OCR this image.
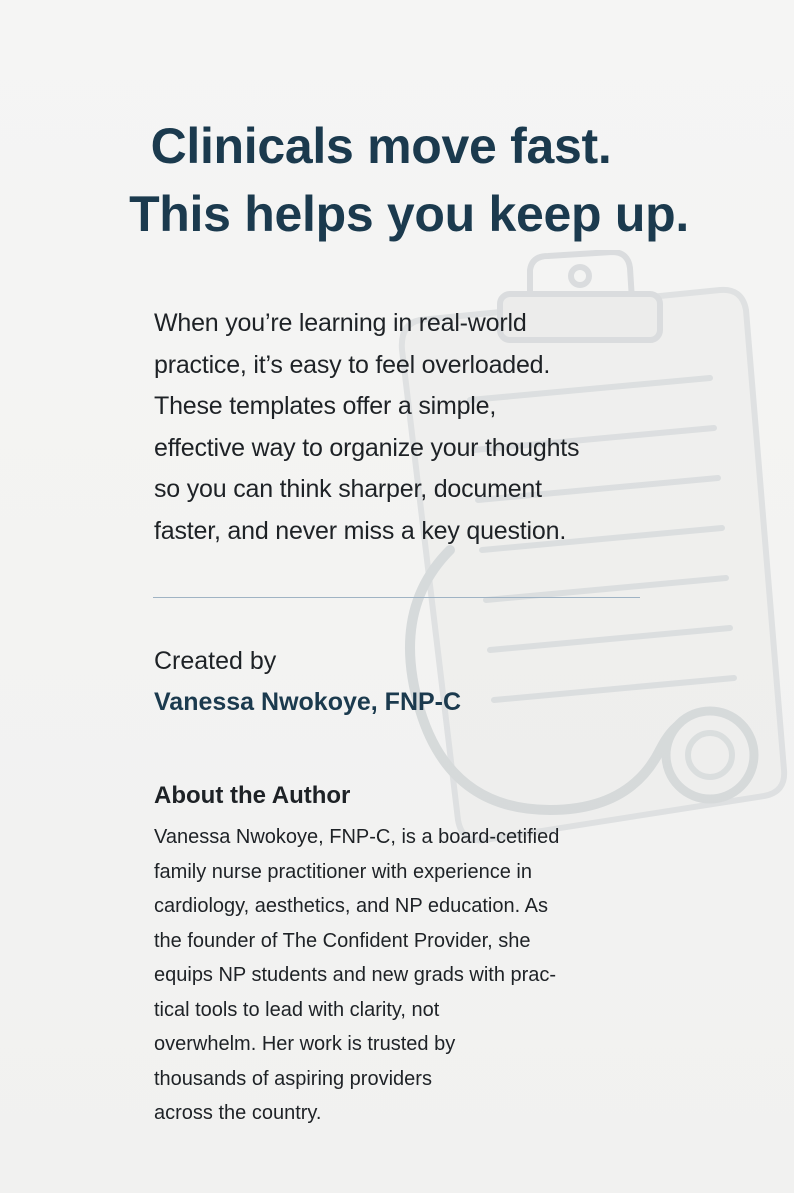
Clinicals move fast.
This helps you keep up.

When you’re learning in real-world
practice, it’s easy to feel overloaded.
These templates offer a simple,
effective way to organize your thoughts
so you can think sharper, document
faster, and never miss a key question.

Created by
Vanessa Nwokoye, FNP-C
About the Author

Vanessa Nwokoye, FNP-C, is a board-cetified
family nurse practitioner with experience in
cardiology, aesthetics, and NP education. As
the founder of The Confident Provider, she
equips NP students and new grads with prac-
tical tools to lead with clarity, not
overwhelm. Her work is trusted by
thousands of aspiring providers
across the country.
